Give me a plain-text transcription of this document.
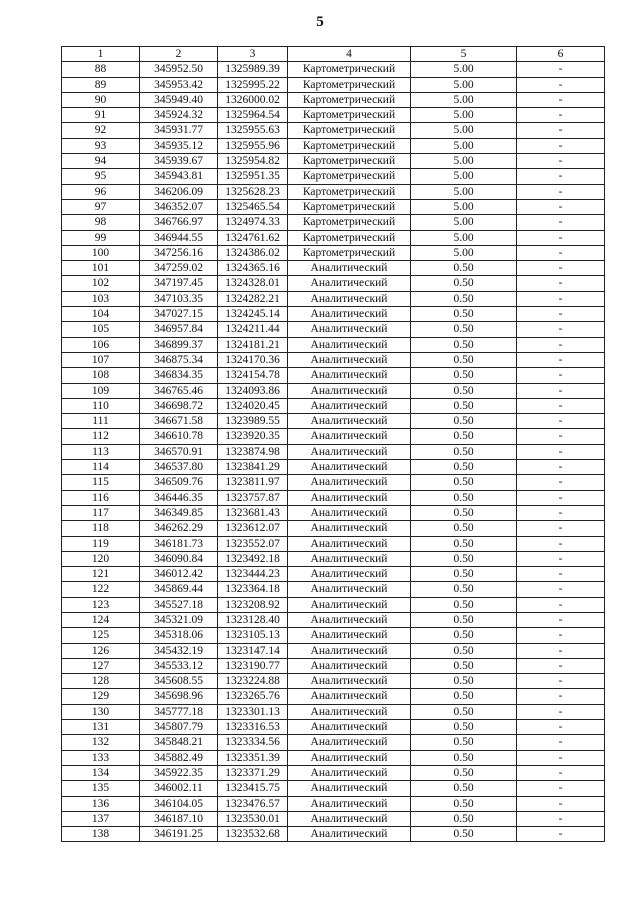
5
1	2	3	4	5	6
88	345952.50	1325989.39	Картометрический	5.00	-
89	345953.42	1325995.22	Картометрический	5.00	-
90	345949.40	1326000.02	Картометрический	5.00	-
91	345924.32	1325964.54	Картометрический	5.00	-
92	345931.77	1325955.63	Картометрический	5.00	-
93	345935.12	1325955.96	Картометрический	5.00	-
94	345939.67	1325954.82	Картометрический	5.00	-
95	345943.81	1325951.35	Картометрический	5.00	-
96	346206.09	1325628.23	Картометрический	5.00	-
97	346352.07	1325465.54	Картометрический	5.00	-
98	346766.97	1324974.33	Картометрический	5.00	-
99	346944.55	1324761.62	Картометрический	5.00	-
100	347256.16	1324386.02	Картометрический	5.00	-
101	347259.02	1324365.16	Аналитический	0.50	-
102	347197.45	1324328.01	Аналитический	0.50	-
103	347103.35	1324282.21	Аналитический	0.50	-
104	347027.15	1324245.14	Аналитический	0.50	-
105	346957.84	1324211.44	Аналитический	0.50	-
106	346899.37	1324181.21	Аналитический	0.50	-
107	346875.34	1324170.36	Аналитический	0.50	-
108	346834.35	1324154.78	Аналитический	0.50	-
109	346765.46	1324093.86	Аналитический	0.50	-
110	346698.72	1324020.45	Аналитический	0.50	-
111	346671.58	1323989.55	Аналитический	0.50	-
112	346610.78	1323920.35	Аналитический	0.50	-
113	346570.91	1323874.98	Аналитический	0.50	-
114	346537.80	1323841.29	Аналитический	0.50	-
115	346509.76	1323811.97	Аналитический	0.50	-
116	346446.35	1323757.87	Аналитический	0.50	-
117	346349.85	1323681.43	Аналитический	0.50	-
118	346262.29	1323612.07	Аналитический	0.50	-
119	346181.73	1323552.07	Аналитический	0.50	-
120	346090.84	1323492.18	Аналитический	0.50	-
121	346012.42	1323444.23	Аналитический	0.50	-
122	345869.44	1323364.18	Аналитический	0.50	-
123	345527.18	1323208.92	Аналитический	0.50	-
124	345321.09	1323128.40	Аналитический	0.50	-
125	345318.06	1323105.13	Аналитический	0.50	-
126	345432.19	1323147.14	Аналитический	0.50	-
127	345533.12	1323190.77	Аналитический	0.50	-
128	345608.55	1323224.88	Аналитический	0.50	-
129	345698.96	1323265.76	Аналитический	0.50	-
130	345777.18	1323301.13	Аналитический	0.50	-
131	345807.79	1323316.53	Аналитический	0.50	-
132	345848.21	1323334.56	Аналитический	0.50	-
133	345882.49	1323351.39	Аналитический	0.50	-
134	345922.35	1323371.29	Аналитический	0.50	-
135	346002.11	1323415.75	Аналитический	0.50	-
136	346104.05	1323476.57	Аналитический	0.50	-
137	346187.10	1323530.01	Аналитический	0.50	-
138	346191.25	1323532.68	Аналитический	0.50	-
